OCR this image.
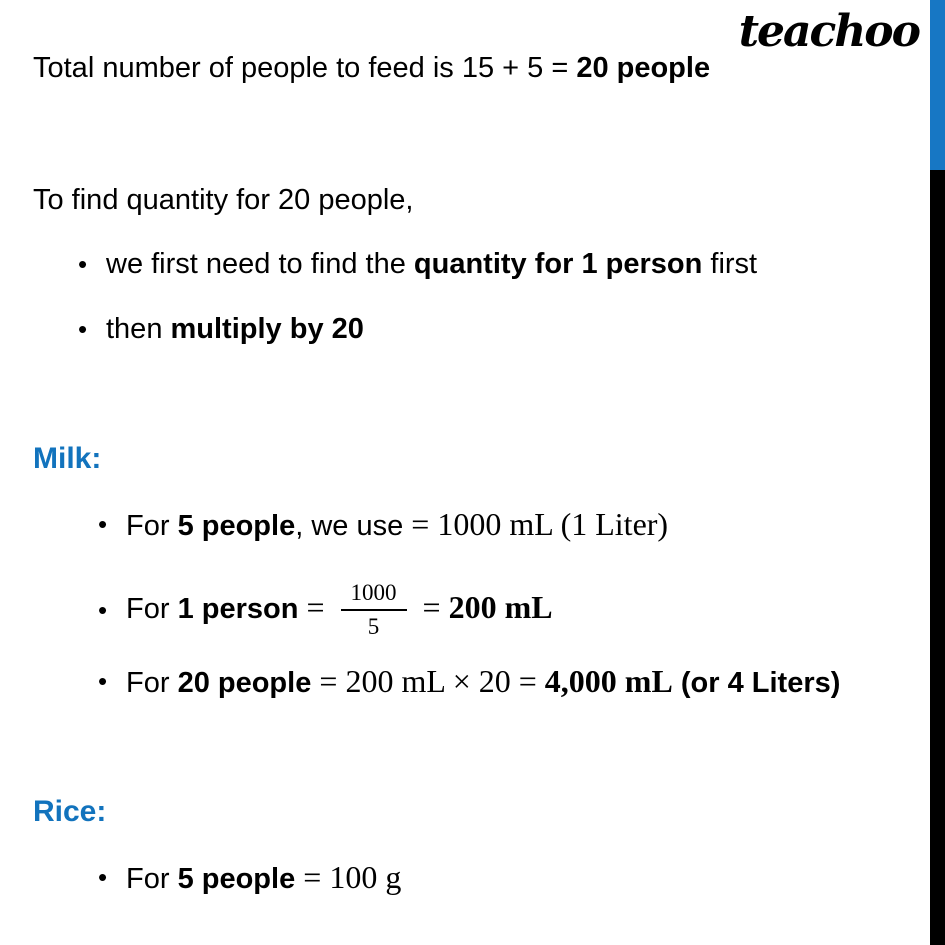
teachoo
Total number of people to feed is 15 + 5 = 20 people
To find quantity for 20 people,
• we first need to find the quantity for 1 person first
• then multiply by 20
Milk:
• For 5 people, we use = 1000 mL (1 Liter)
• For 1 person = $\frac{1000}{5} = 200$ mL
• For 20 people = 200 mL × 20 = 4,000 mL (or 4 Liters)
Rice:
• For 5 people = 100 g
